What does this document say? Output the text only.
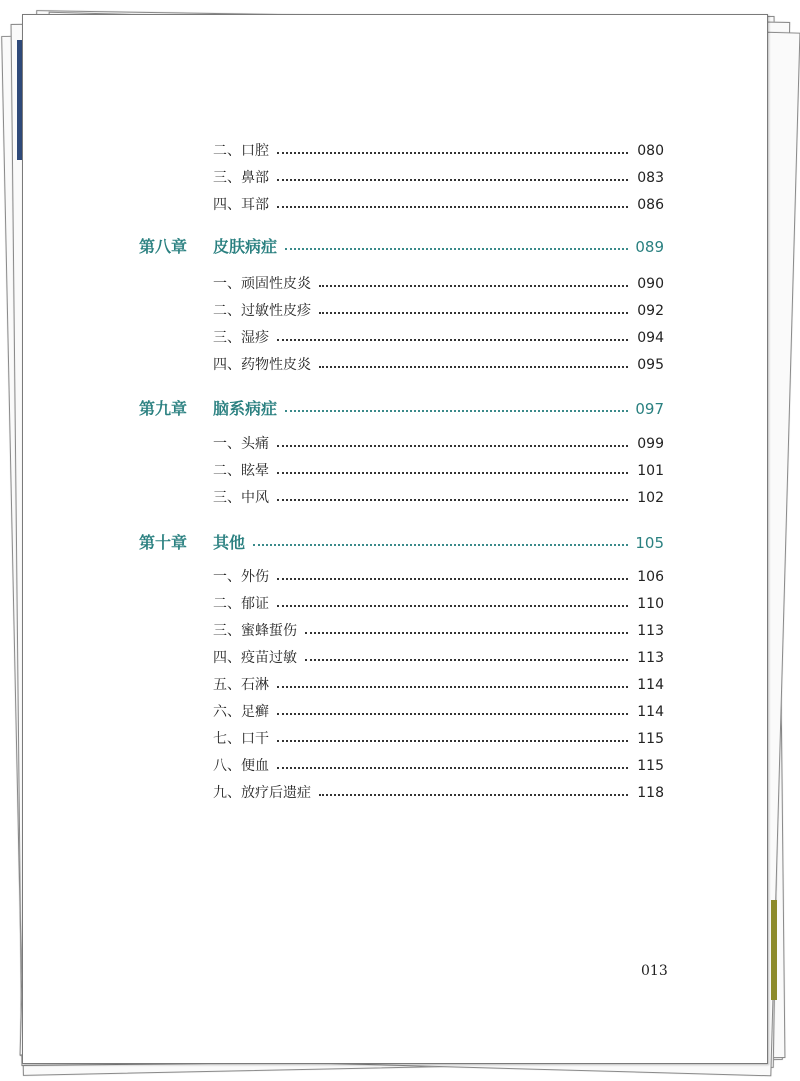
二、口腔	080
三、鼻部	083
四、耳部	086
第八章 皮肤病症	089
一、顽固性皮炎	090
二、过敏性皮疹	092
三、湿疹	094
四、药物性皮炎	095
第九章 脑系病症	097
一、头痛	099
二、眩晕	101
三、中风	102
第十章 其他	105
一、外伤	106
二、郁证	110
三、蜜蜂蜇伤	113
四、疫苗过敏	113
五、石淋	114
六、足癣	114
七、口干	115
八、便血	115
九、放疗后遗症	118
013
